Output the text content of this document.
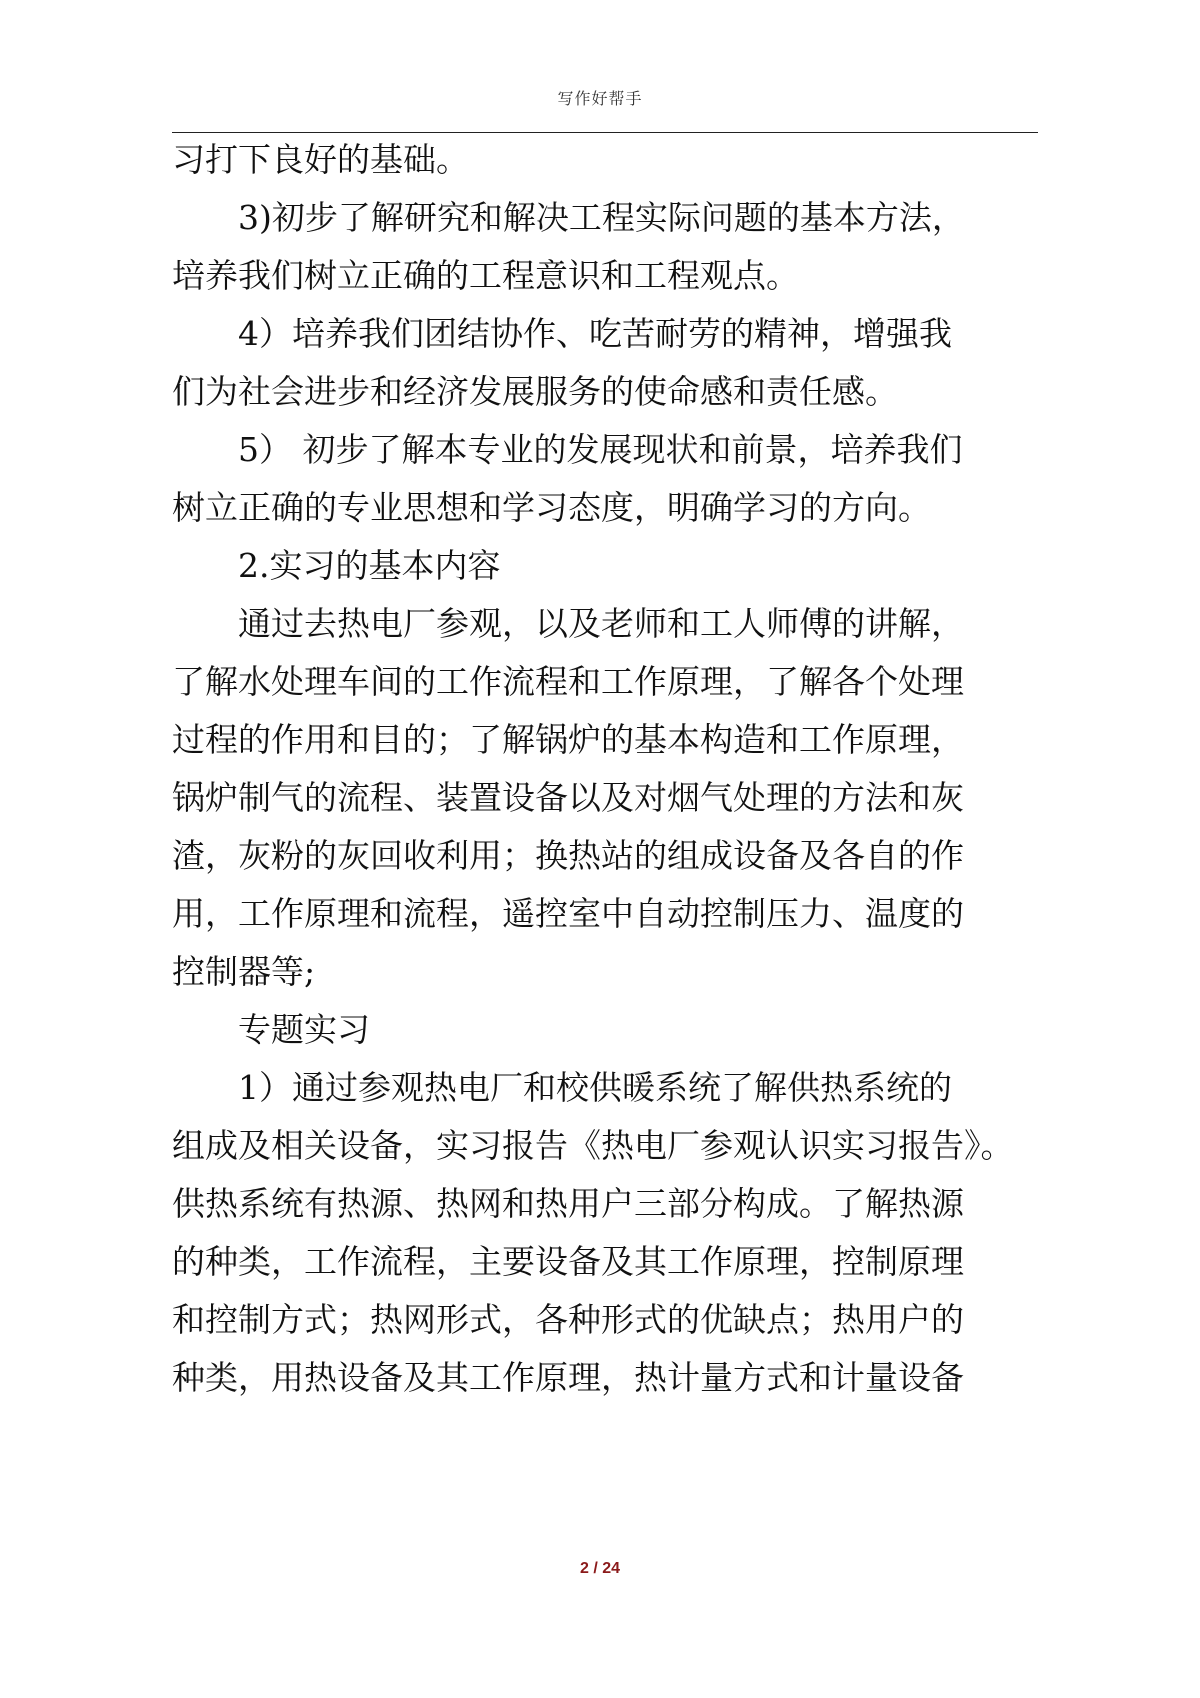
写作好帮手
习打下良好的基础。
3)初步了解研究和解决工程实际问题的基本方法，
培养我们树立正确的工程意识和工程观点。
4）培养我们团结协作、吃苦耐劳的精神，增强我
们为社会进步和经济发展服务的使命感和责任感。
5） 初步了解本专业的发展现状和前景，培养我们
树立正确的专业思想和学习态度，明确学习的方向。
2.实习的基本内容
通过去热电厂参观，以及老师和工人师傅的讲解，
了解水处理车间的工作流程和工作原理，了解各个处理
过程的作用和目的；了解锅炉的基本构造和工作原理，
锅炉制气的流程、装置设备以及对烟气处理的方法和灰
渣，灰粉的灰回收利用；换热站的组成设备及各自的作
用，工作原理和流程，遥控室中自动控制压力、温度的
控制器等;
专题实习
1）通过参观热电厂和校供暖系统了解供热系统的
组成及相关设备，实习报告《热电厂参观认识实习报告》。
供热系统有热源、热网和热用户三部分构成。了解热源
的种类，工作流程，主要设备及其工作原理，控制原理
和控制方式；热网形式，各种形式的优缺点；热用户的
种类，用热设备及其工作原理，热计量方式和计量设备
2 / 24
